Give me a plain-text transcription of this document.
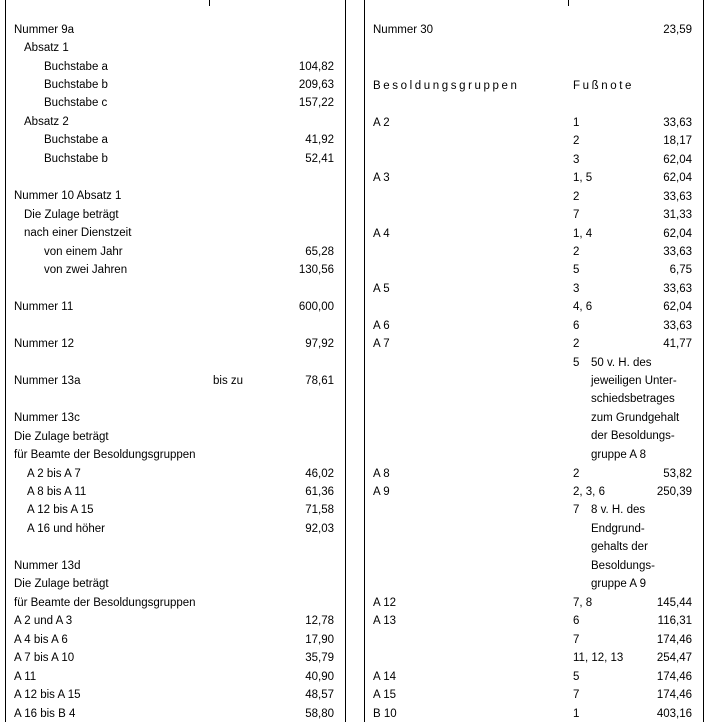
Nummer 9a
Absatz 1
Buchstabe a	104,82
Buchstabe b	209,63
Buchstabe c	157,22
Absatz 2
Buchstabe a	41,92
Buchstabe b	52,41
Nummer 10 Absatz 1
Die Zulage beträgt
nach einer Dienstzeit
von einem Jahr	65,28
von zwei Jahren	130,56
Nummer 11	600,00
Nummer 12	97,92
Nummer 13a	bis zu	78,61
Nummer 13c
Die Zulage beträgt
für Beamte der Besoldungsgruppen
A 2 bis A 7	46,02
A 8 bis A 11	61,36
A 12 bis A 15	71,58
A 16 und höher	92,03
Nummer 13d
Die Zulage beträgt
für Beamte der Besoldungsgruppen
A 2 und A 3	12,78
A 4 bis A 6	17,90
A 7 bis A 10	35,79
A 11	40,90
A 12 bis A 15	48,57
A 16 bis B 4	58,80
Nummer 30	23,59
Besoldungsgruppen	Fußnote
A 2	1	33,63
2	18,17
3	62,04
A 3	1, 5	62,04
2	33,63
7	31,33
A 4	1, 4	62,04
2	33,63
5	6,75
A 5	3	33,63
4, 6	62,04
A 6	6	33,63
A 7	2	41,77
5 50 v. H. des
jeweiligen Unter-
schiedsbetrages
zum Grundgehalt
der Besoldungs-
gruppe A 8
A 8	2	53,82
A 9	2, 3, 6	250,39
7 8 v. H. des
Endgrund-
gehalts der
Besoldungs-
gruppe A 9
A 12	7, 8	145,44
A 13	6	116,31
7	174,46
11, 12, 13	254,47
A 14	5	174,46
A 15	7	174,46
B 10	1	403,16
